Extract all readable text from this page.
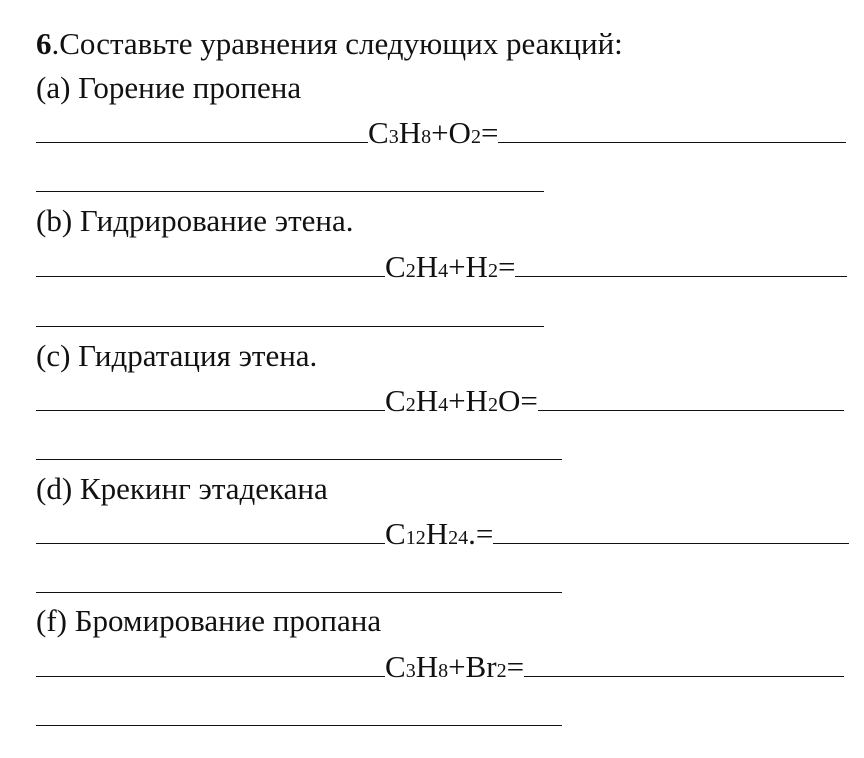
6.Составьте уравнения следующих реакций:
(a) Горение пропена
C3H8+O2=
(b) Гидрирование этена.
C2H4+H2=
(c) Гидратация этена.
C2H4+H2O=
(d) Крекинг этадекана
C12H24.=
(f) Бромирование пропана
C3H8+Br2=
